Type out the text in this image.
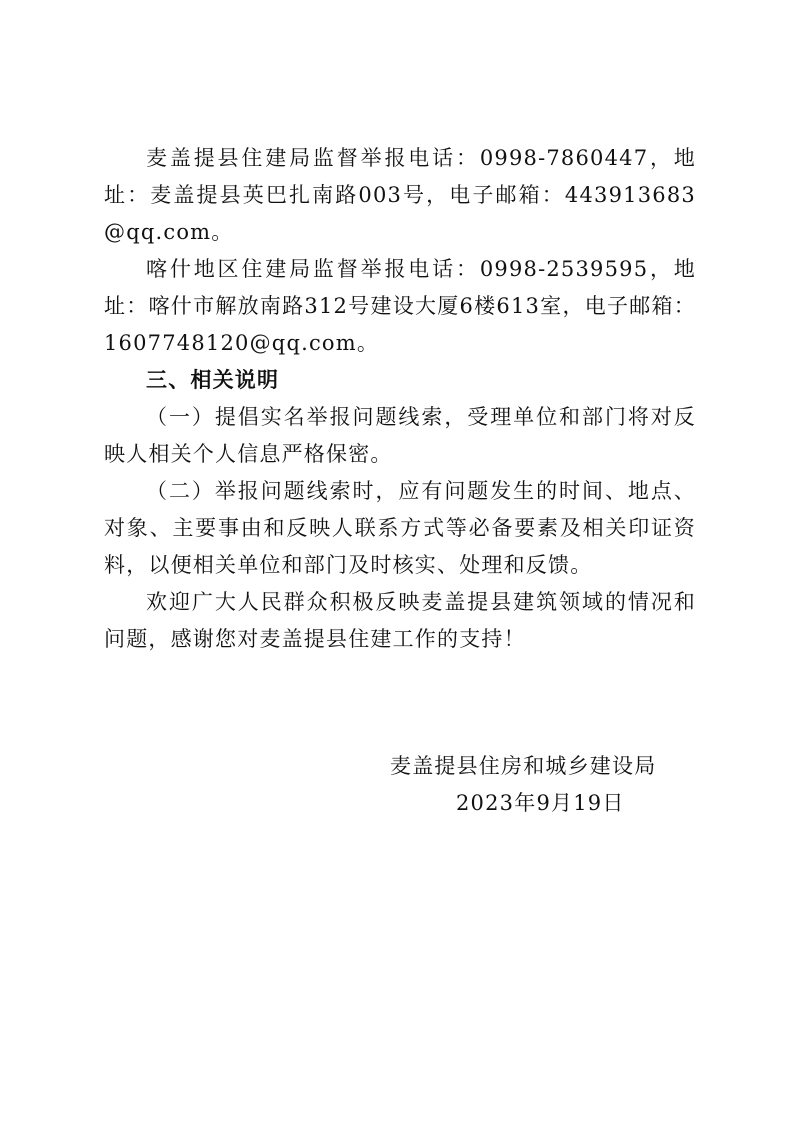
麦盖提县住建局监督举报电话：0998-7860447，地址：麦盖提县英巴扎南路003号，电子邮箱：443913683@qq.com。

喀什地区住建局监督举报电话：0998-2539595，地址：喀什市解放南路312号建设大厦6楼613室，电子邮箱：1607748120@qq.com。

三、相关说明

（一）提倡实名举报问题线索，受理单位和部门将对反映人相关个人信息严格保密。

（二）举报问题线索时，应有问题发生的时间、地点、对象、主要事由和反映人联系方式等必备要素及相关印证资料，以便相关单位和部门及时核实、处理和反馈。

欢迎广大人民群众积极反映麦盖提县建筑领域的情况和问题，感谢您对麦盖提县住建工作的支持！

麦盖提县住房和城乡建设局

2023年9月19日
